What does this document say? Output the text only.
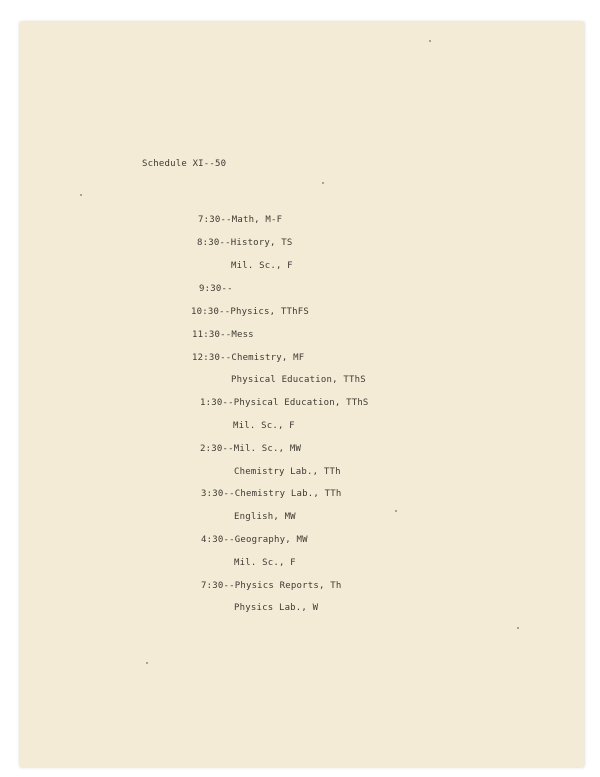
Schedule XI--50
7:30--Math, M-F
8:30--History, TS
Mil. Sc., F
9:30--
10:30--Physics, TThFS
11:30--Mess
12:30--Chemistry, MF
Physical Education, TThS
1:30--Physical Education, TThS
Mil. Sc., F
2:30--Mil. Sc., MW
Chemistry Lab., TTh
3:30--Chemistry Lab., TTh
English, MW
4:30--Geography, MW
Mil. Sc., F
7:30--Physics Reports, Th
Physics Lab., W
